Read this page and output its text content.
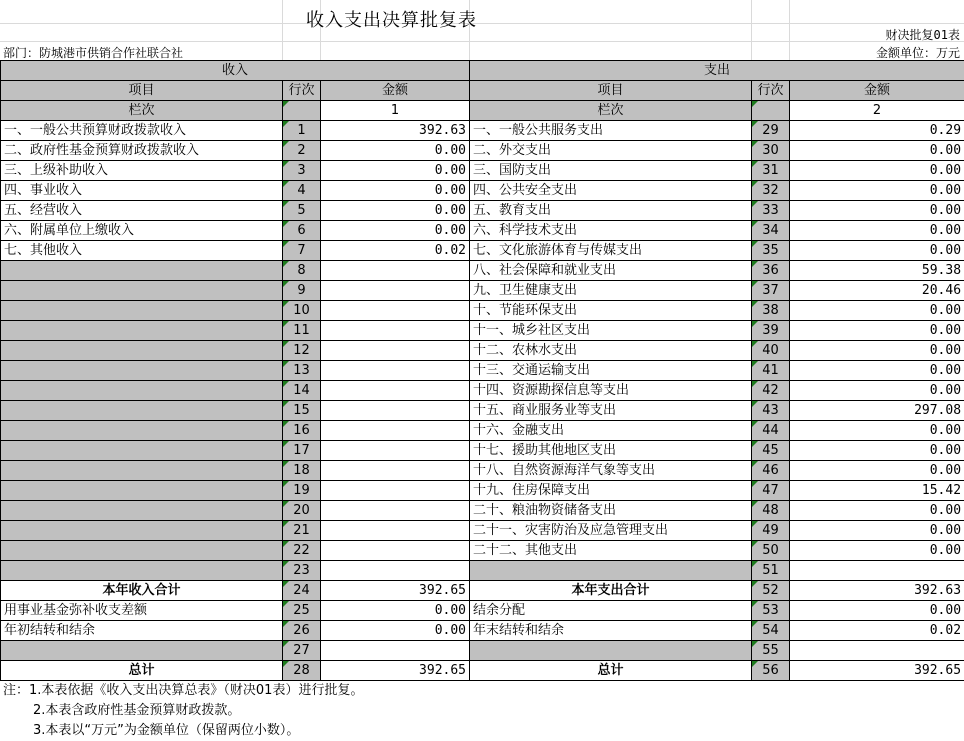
收入支出决算批复表
财决批复01表
部门：防城港市供销合作社联合社	金额单位：万元
收入			支出		
项目	行次	金额	项目	行次	金额
栏次		1	栏次		2
一、一般公共预算财政拨款收入	1	392.63	一、一般公共服务支出	29	0.29
二、政府性基金预算财政拨款收入	2	0.00	二、外交支出	30	0.00
三、上级补助收入	3	0.00	三、国防支出	31	0.00
四、事业收入	4	0.00	四、公共安全支出	32	0.00
五、经营收入	5	0.00	五、教育支出	33	0.00
六、附属单位上缴收入	6	0.00	六、科学技术支出	34	0.00
七、其他收入	7	0.02	七、文化旅游体育与传媒支出	35	0.00
	8		八、社会保障和就业支出	36	59.38
	9		九、卫生健康支出	37	20.46
	10		十、节能环保支出	38	0.00
	11		十一、城乡社区支出	39	0.00
	12		十二、农林水支出	40	0.00
	13		十三、交通运输支出	41	0.00
	14		十四、资源勘探信息等支出	42	0.00
	15		十五、商业服务业等支出	43	297.08
	16		十六、金融支出	44	0.00
	17		十七、援助其他地区支出	45	0.00
	18		十八、自然资源海洋气象等支出	46	0.00
	19		十九、住房保障支出	47	15.42
	20		二十、粮油物资储备支出	48	0.00
	21		二十一、灾害防治及应急管理支出	49	0.00
	22		二十二、其他支出	50	0.00
	23			51	
本年收入合计	24	392.65	本年支出合计	52	392.63
用事业基金弥补收支差额	25	0.00	结余分配	53	0.00
年初结转和结余	26	0.00	年末结转和结余	54	0.02
	27			55	
总计	28	392.65	总计	56	392.65
注：1.本表依据《收入支出决算总表》（财决01表）进行批复。
2.本表含政府性基金预算财政拨款。
3.本表以“万元”为金额单位（保留两位小数）。
